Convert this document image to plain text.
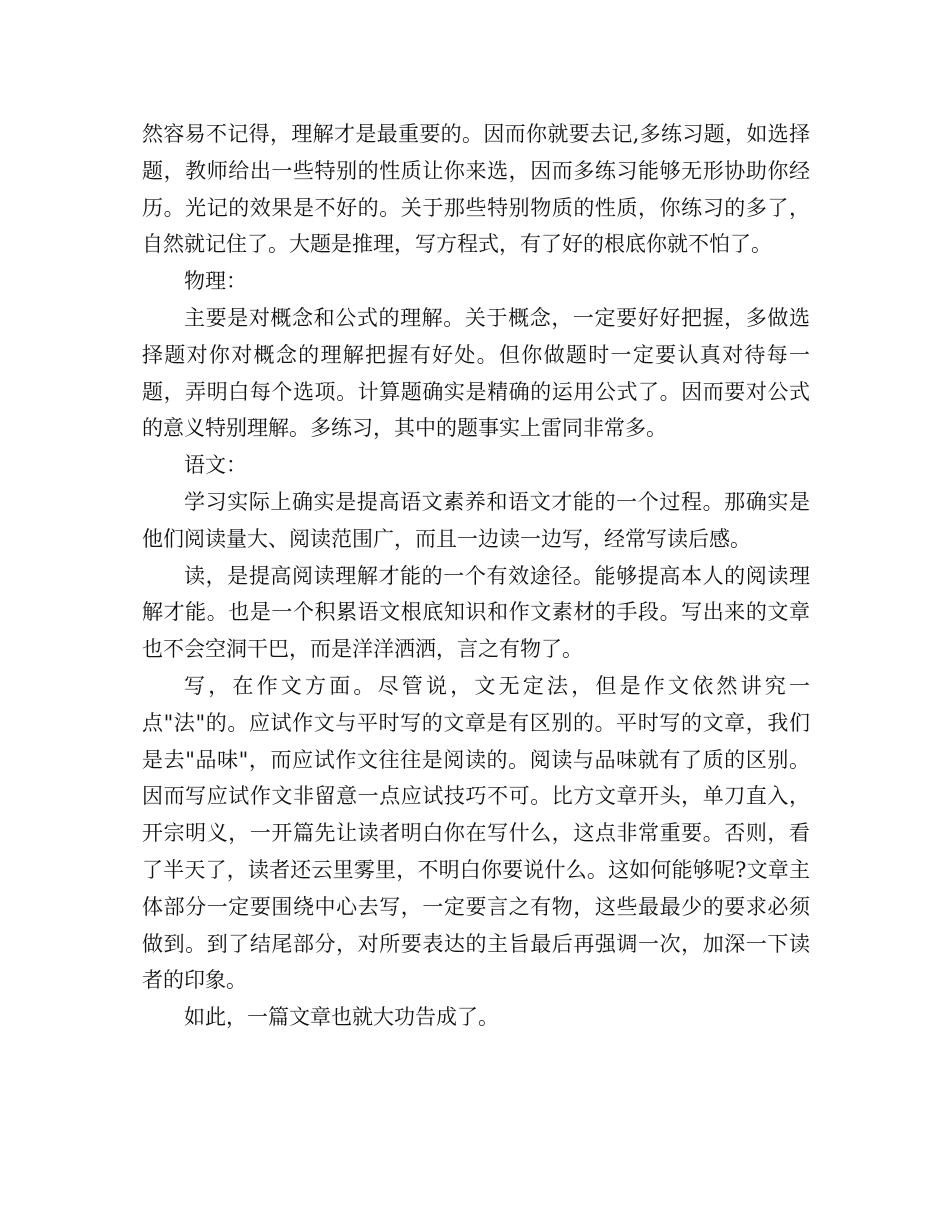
然容易不记得，理解才是最重要的。因而你就要去记,多练习题，如选择题，教师给出一些特别的性质让你来选，因而多练习能够无形协助你经历。光记的效果是不好的。关于那些特别物质的性质，你练习的多了，自然就记住了。大题是推理，写方程式，有了好的根底你就不怕了。

物理：

主要是对概念和公式的理解。关于概念，一定要好好把握，多做选择题对你对概念的理解把握有好处。但你做题时一定要认真对待每一题，弄明白每个选项。计算题确实是精确的运用公式了。因而要对公式的意义特别理解。多练习，其中的题事实上雷同非常多。

语文：

学习实际上确实是提高语文素养和语文才能的一个过程。那确实是他们阅读量大、阅读范围广，而且一边读一边写，经常写读后感。

读，是提高阅读理解才能的一个有效途径。能够提高本人的阅读理解才能。也是一个积累语文根底知识和作文素材的手段。写出来的文章也不会空洞干巴，而是洋洋洒洒，言之有物了。

写，在作文方面。尽管说，文无定法，但是作文依然讲究一点"法"的。应试作文与平时写的文章是有区别的。平时写的文章，我们是去"品味"，而应试作文往往是阅读的。阅读与品味就有了质的区别。因而写应试作文非留意一点应试技巧不可。比方文章开头，单刀直入，开宗明义，一开篇先让读者明白你在写什么，这点非常重要。否则，看了半天了，读者还云里雾里，不明白你要说什么。这如何能够呢?文章主体部分一定要围绕中心去写，一定要言之有物，这些最最少的要求必须做到。到了结尾部分，对所要表达的主旨最后再强调一次，加深一下读者的印象。

如此，一篇文章也就大功告成了。
